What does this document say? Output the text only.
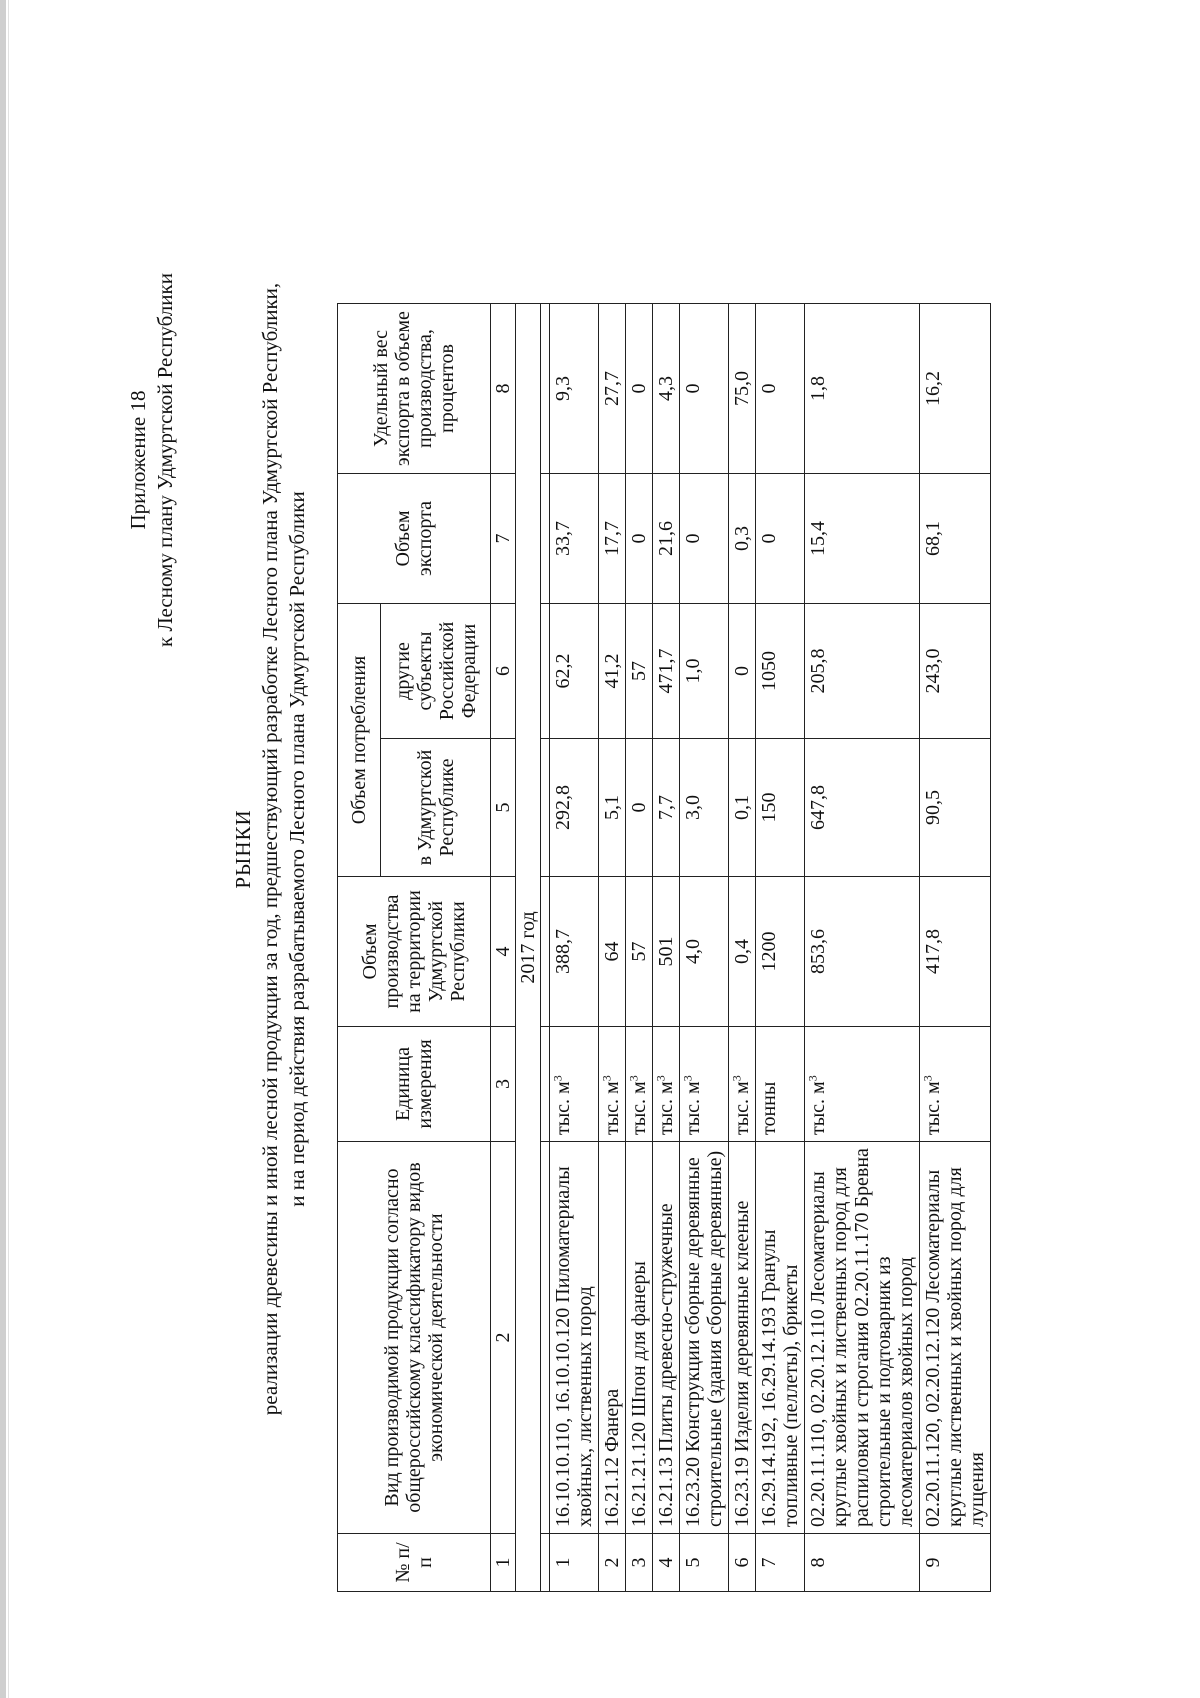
Приложение 18 к Лесному плану Удмуртской Республики
РЫНКИ реализации древесины и иной лесной продукции за год, предшествующий разработке Лесного плана Удмуртской Республики, и на период действия разрабатываемого Лесного плана Удмуртской Республики
№ п/п	Вид производимой продукции согласно общероссийскому классификатору видов экономической деятельности	Единица измерения	Объем производства на территории Удмуртской Республики	Объем потребления		Объем экспорта	Удельный вес экспорта в объеме производства, процентов
				в Удмуртской Республике	другие субъекты Российской Федерации		
1	2	3	4	5	6	7	8
2017 год							

1	16.10.10.110, 16.10.10.120 Пиломатериалы хвойных, лиственных пород	тыс. $м^3$	388,7	292,8	62,2	33,7	9,3
2	16.21.12 Фанера	тыс. $м^3$	64	5,1	41,2	17,7	27,7
3	16.21.21.120 Шпон для фанеры	тыс. $м^3$	57	0	57	0	0
4	16.21.13 Плиты древесно-стружечные	тыс. $м^3$	501	7,7	471,7	21,6	4,3
5	16.23.20 Конструкции сборные деревянные строительные (здания сборные деревянные)	тыс. $м^3$	4,0	3,0	1,0	0	0
6	16.23.19 Изделия деревянные клееные	тыс. $м^3$	0,4	0,1	0	0,3	75,0
7	16.29.14.192, 16.29.14.193 Гранулы топливные (пеллеты), брикеты	тонны	1200	150	1050	0	0
8	02.20.11.110, 02.20.12.110 Лесоматериалы круглые хвойных и лиственных пород для распиловки и строгания 02.20.11.170 Бревна строительные и подтоварник из лесоматериалов хвойных пород	тыс. $м^3$	853,6	647,8	205,8	15,4	1,8
9	02.20.11.120, 02.20.12.120 Лесоматериалы круглые лиственных и хвойных пород для лущения	тыс. $м^3$	417,8	90,5	243,0	68,1	16,2
